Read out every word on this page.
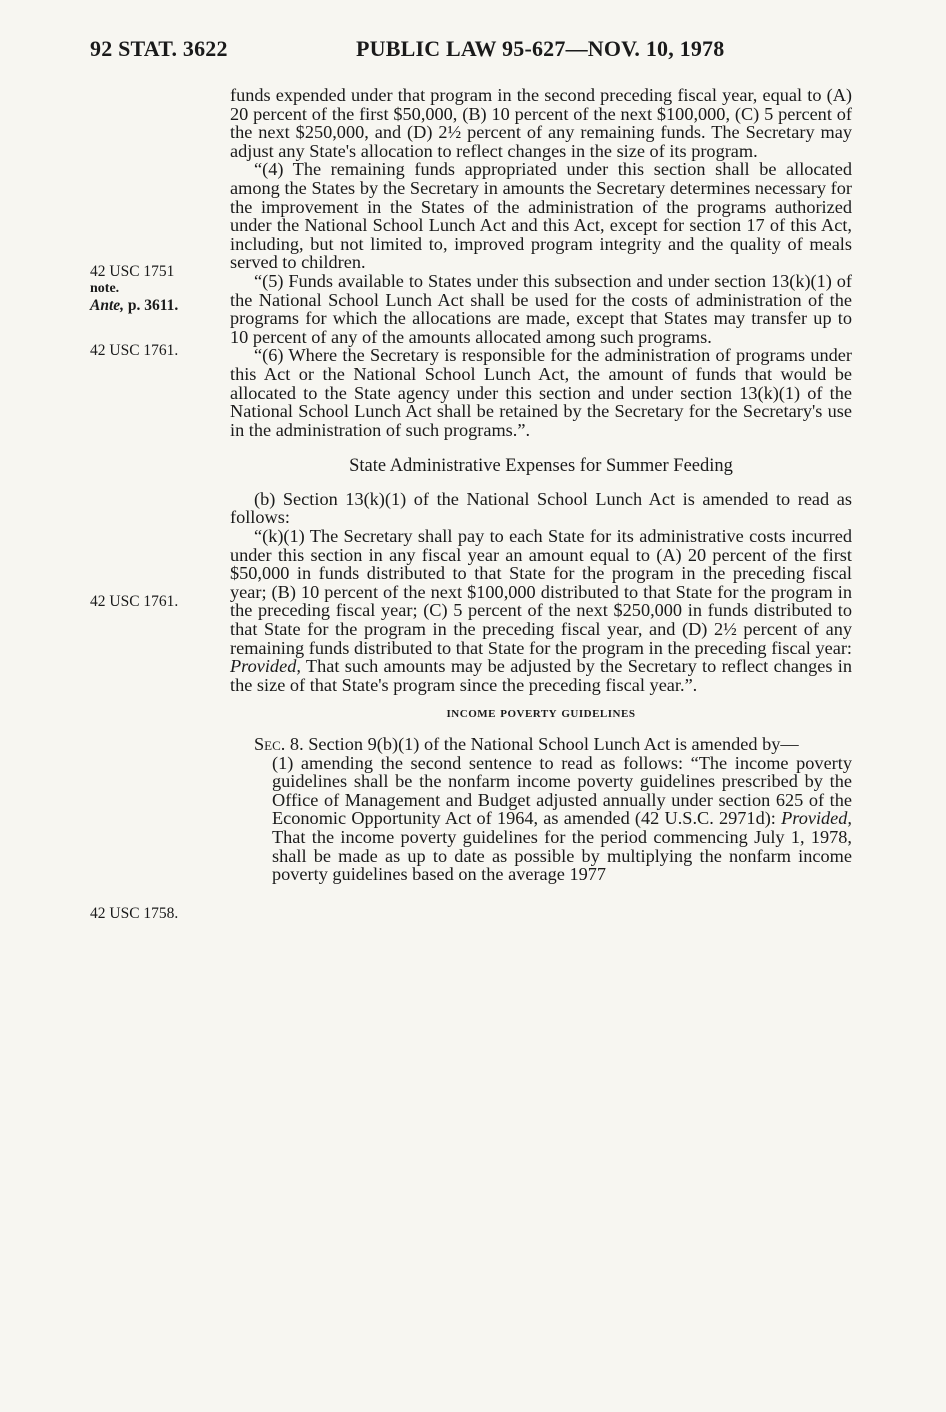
92 STAT. 3622	PUBLIC LAW 95-627—NOV. 10, 1978
42 USC 1751
note.
Ante, p. 3611.
42 USC 1761.
42 USC 1761.
42 USC 1758.

funds expended under that program in the second preceding fiscal year, equal to (A) 20 percent of the first $50,000, (B) 10 percent of the next $100,000, (C) 5 percent of the next $250,000, and (D) 2½ percent of any remaining funds. The Secretary may adjust any State's allocation to reflect changes in the size of its program.

“(4) The remaining funds appropriated under this section shall be allocated among the States by the Secretary in amounts the Secretary determines necessary for the improvement in the States of the administration of the programs authorized under the National School Lunch Act and this Act, except for section 17 of this Act, including, but not limited to, improved program integrity and the quality of meals served to children.

“(5) Funds available to States under this subsection and under section 13(k)(1) of the National School Lunch Act shall be used for the costs of administration of the programs for which the allocations are made, except that States may transfer up to 10 percent of any of the amounts allocated among such programs.

“(6) Where the Secretary is responsible for the administration of programs under this Act or the National School Lunch Act, the amount of funds that would be allocated to the State agency under this section and under section 13(k)(1) of the National School Lunch Act shall be retained by the Secretary for the Secretary's use in the administration of such programs.”.

State Administrative Expenses for Summer Feeding

(b) Section 13(k)(1) of the National School Lunch Act is amended to read as follows:

“(k)(1) The Secretary shall pay to each State for its administrative costs incurred under this section in any fiscal year an amount equal to (A) 20 percent of the first $50,000 in funds distributed to that State for the program in the preceding fiscal year; (B) 10 percent of the next $100,000 distributed to that State for the program in the preceding fiscal year; (C) 5 percent of the next $250,000 in funds distributed to that State for the program in the preceding fiscal year, and (D) 2½ percent of any remaining funds distributed to that State for the program in the preceding fiscal year: Provided, That such amounts may be adjusted by the Secretary to reflect changes in the size of that State's program since the preceding fiscal year.”.

income poverty guidelines

Sec. 8. Section 9(b)(1) of the National School Lunch Act is amended by—

(1) amending the second sentence to read as follows: “The income poverty guidelines shall be the nonfarm income poverty guidelines prescribed by the Office of Management and Budget adjusted annually under section 625 of the Economic Opportunity Act of 1964, as amended (42 U.S.C. 2971d): Provided, That the income poverty guidelines for the period commencing July 1, 1978, shall be made as up to date as possible by multiplying the nonfarm income poverty guidelines based on the average 1977
